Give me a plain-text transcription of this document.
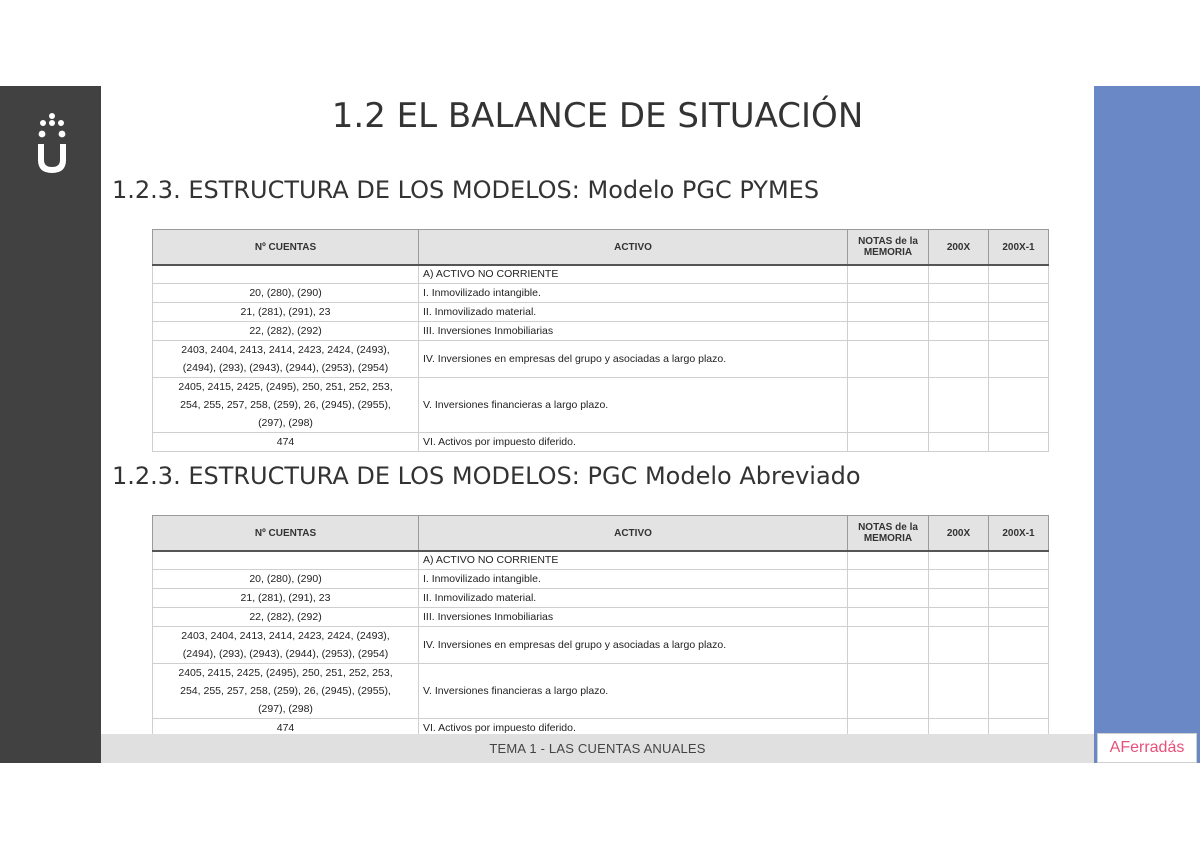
1.2 EL BALANCE DE SITUACIÓN
1.2.3. ESTRUCTURA DE LOS MODELOS: Modelo PGC PYMES
Nº CUENTAS	ACTIVO	NOTAS de la MEMORIA	200X	200X-1
	A) ACTIVO NO CORRIENTE			
20, (280), (290)	I. Inmovilizado intangible.			
21, (281), (291), 23	II. Inmovilizado material.			
22, (282), (292)	III. Inversiones Inmobiliarias			
2403, 2404, 2413, 2414, 2423, 2424, (2493),
(2494), (293), (2943), (2944), (2953), (2954)	IV. Inversiones en empresas del grupo y asociadas a largo plazo.			
2405, 2415, 2425, (2495), 250, 251, 252, 253,
254, 255, 257, 258, (259), 26, (2945), (2955),
(297), (298)	V. Inversiones financieras a largo plazo.			
474	VI. Activos por impuesto diferido.			
1.2.3. ESTRUCTURA DE LOS MODELOS: PGC Modelo Abreviado
Nº CUENTAS	ACTIVO	NOTAS de la MEMORIA	200X	200X-1
	A) ACTIVO NO CORRIENTE			
20, (280), (290)	I. Inmovilizado intangible.			
21, (281), (291), 23	II. Inmovilizado material.			
22, (282), (292)	III. Inversiones Inmobiliarias			
2403, 2404, 2413, 2414, 2423, 2424, (2493),
(2494), (293), (2943), (2944), (2953), (2954)	IV. Inversiones en empresas del grupo y asociadas a largo plazo.			
2405, 2415, 2425, (2495), 250, 251, 252, 253,
254, 255, 257, 258, (259), 26, (2945), (2955),
(297), (298)	V. Inversiones financieras a largo plazo.			
474	VI. Activos por impuesto diferido.			
TEMA 1 - LAS CUENTAS ANUALES	AFerradás
